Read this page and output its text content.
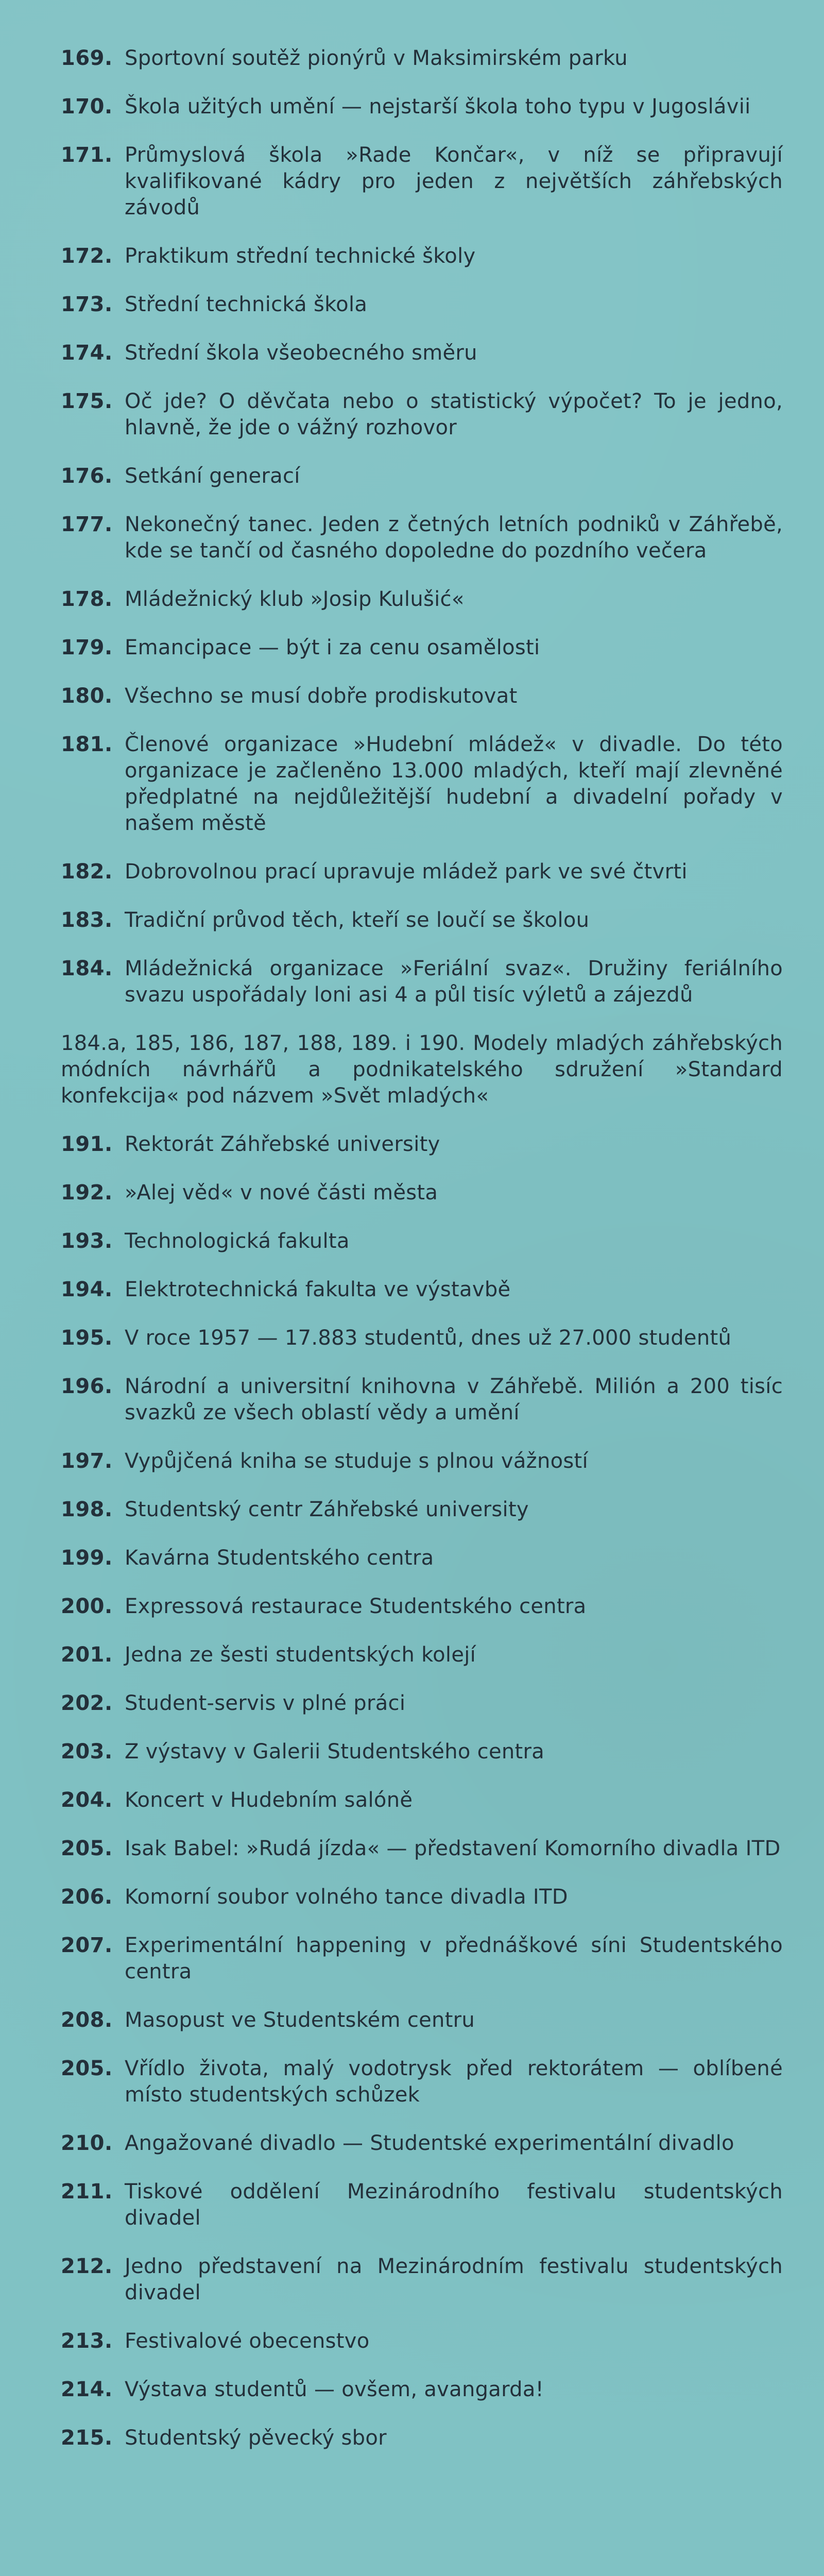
169. Sportovní soutěž pionýrů v Maksimirském parku
170. Škola užitých umění — nejstarší škola toho typu v Jugoslávii
171. Průmyslová škola »Rade Končar«, v níž se připravují kvalifikované kádry pro jeden z největších záhřebských závodů
172. Praktikum střední technické školy
173. Střední technická škola
174. Střední škola všeobecného směru
175. Oč jde? O děvčata nebo o statistický výpočet? To je jedno, hlavně, že jde o vážný rozhovor
176. Setkání generací
177. Nekonečný tanec. Jeden z četných letních podniků v Záhřebě, kde se tančí od časného dopoledne do pozdního večera
178. Mládežnický klub »Josip Kulušić«
179. Emancipace — být i za cenu osamělosti
180. Všechno se musí dobře prodiskutovat
181. Členové organizace »Hudební mládež« v divadle. Do této organizace je začleněno 13.000 mladých, kteří mají zlevněné předplatné na nejdůležitější hudební a divadelní pořady v našem městě
182. Dobrovolnou prací upravuje mládež park ve své čtvrti
183. Tradiční průvod těch, kteří se loučí se školou
184. Mládežnická organizace »Feriální svaz«. Družiny feriálního svazu uspořádaly loni asi 4 a půl tisíc výletů a zájezdů
184.a, 185, 186, 187, 188, 189. i 190. Modely mladých záhřebských módních návrhářů a podnikatelského sdružení »Standard konfekcija« pod názvem »Svět mladých«
191. Rektorát Záhřebské university
192. »Alej věd« v nové části města
193. Technologická fakulta
194. Elektrotechnická fakulta ve výstavbě
195. V roce 1957 — 17.883 studentů, dnes už 27.000 studentů
196. Národní a universitní knihovna v Záhřebě. Milión a 200 tisíc svazků ze všech oblastí vědy a umění
197. Vypůjčená kniha se studuje s plnou vážností
198. Studentský centr Záhřebské university
199. Kavárna Studentského centra
200. Expressová restaurace Studentského centra
201. Jedna ze šesti studentských kolejí
202. Student-servis v plné práci
203. Z výstavy v Galerii Studentského centra
204. Koncert v Hudebním salóně
205. Isak Babel: »Rudá jízda« — představení Komorního divadla ITD
206. Komorní soubor volného tance divadla ITD
207. Experimentální happening v přednáškové síni Studentského centra
208. Masopust ve Studentském centru
205. Vřídlo života, malý vodotrysk před rektorátem — oblíbené místo studentských schůzek
210. Angažované divadlo — Studentské experimentální divadlo
211. Tiskové oddělení Mezinárodního festivalu studentských divadel
212. Jedno představení na Mezinárodním festivalu studentských divadel
213. Festivalové obecenstvo
214. Výstava studentů — ovšem, avangarda!
215. Studentský pěvecký sbor
